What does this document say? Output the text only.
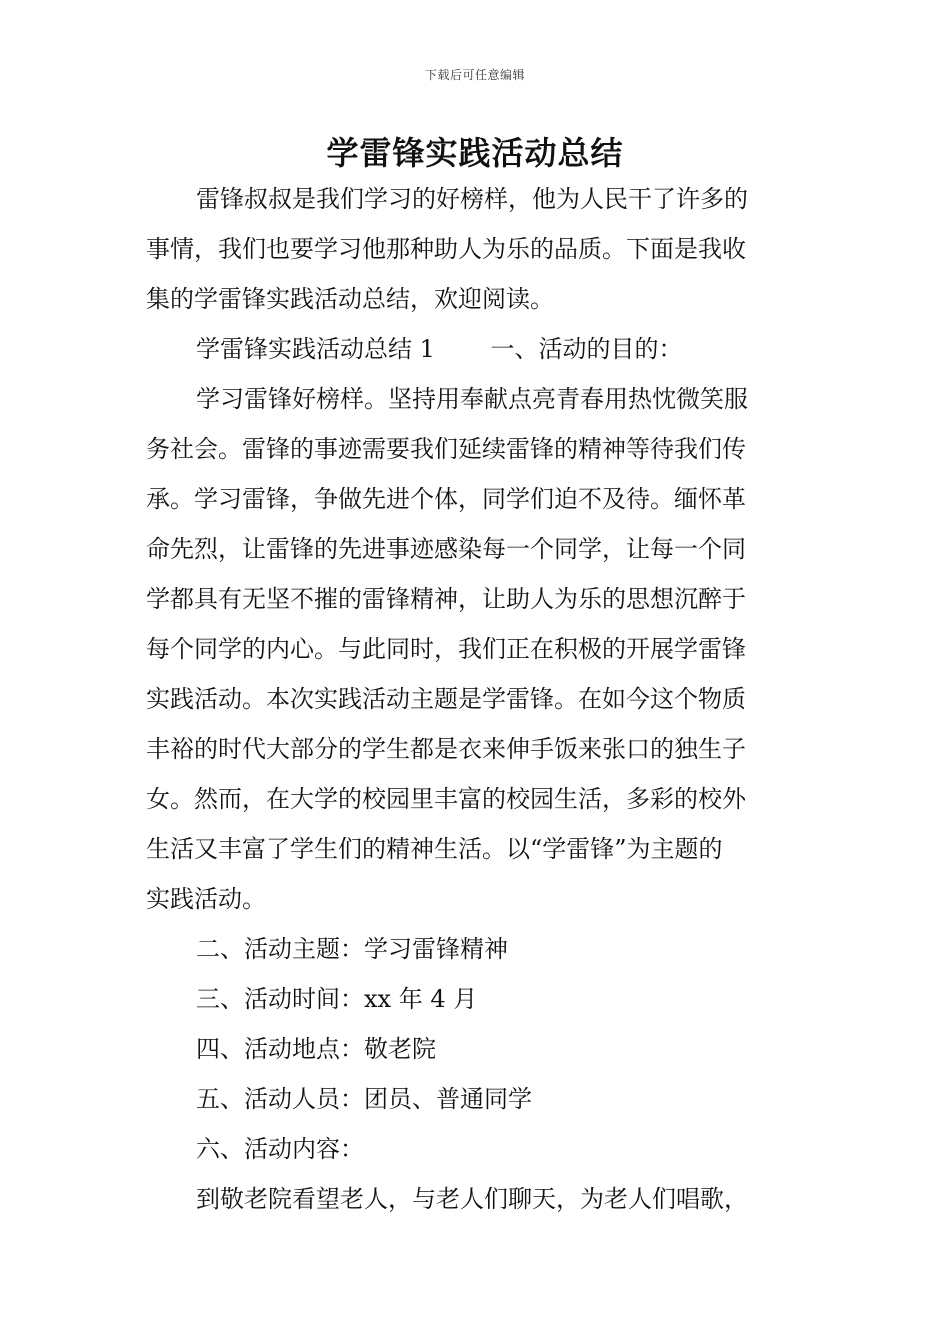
下载后可任意编辑
学雷锋实践活动总结
雷锋叔叔是我们学习的好榜样，他为人民干了许多的
事情，我们也要学习他那种助人为乐的品质。下面是我收
集的学雷锋实践活动总结，欢迎阅读。
学雷锋实践活动总结 1　　 一、活动的目的：
学习雷锋好榜样。坚持用奉献点亮青春用热忱微笑服
务社会。雷锋的事迹需要我们延续雷锋的精神等待我们传
承。学习雷锋，争做先进个体，同学们迫不及待。缅怀革
命先烈，让雷锋的先进事迹感染每一个同学，让每一个同
学都具有无坚不摧的雷锋精神，让助人为乐的思想沉醉于
每个同学的内心。与此同时，我们正在积极的开展学雷锋
实践活动。本次实践活动主题是学雷锋。在如今这个物质
丰裕的时代大部分的学生都是衣来伸手饭来张口的独生子
女。然而，在大学的校园里丰富的校园生活，多彩的校外
生活又丰富了学生们的精神生活。以“学雷锋”为主题的
实践活动。
二、活动主题：学习雷锋精神
三、活动时间：xx 年 4 月
四、活动地点：敬老院
五、活动人员：团员、普通同学
六、活动内容：
到敬老院看望老人，与老人们聊天，为老人们唱歌，
